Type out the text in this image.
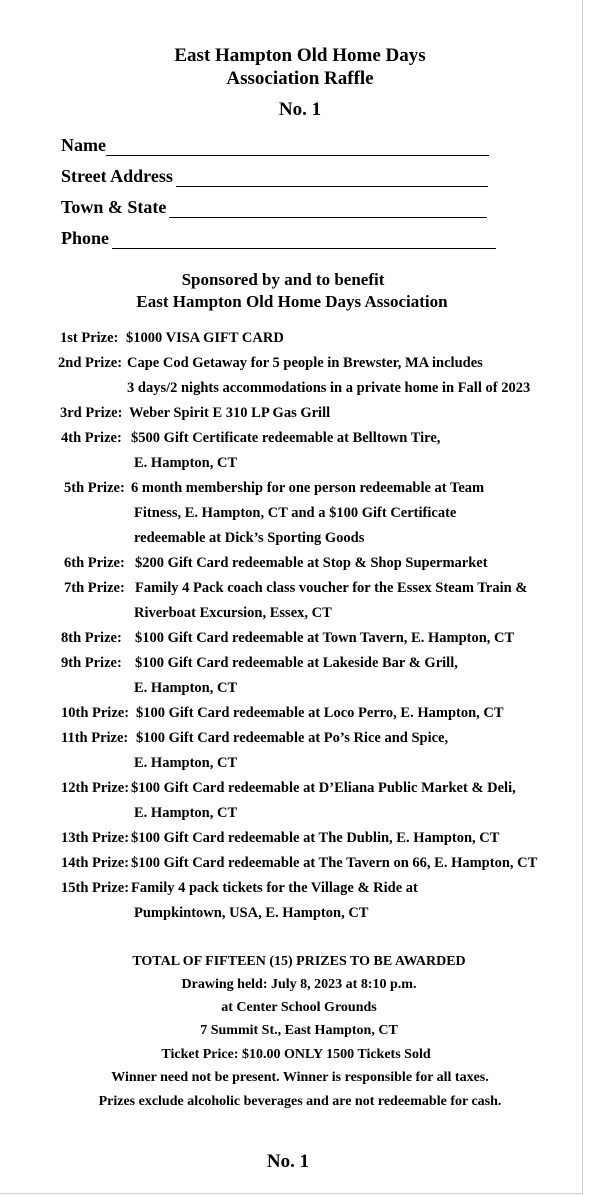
East Hampton Old Home Days
Association Raffle
No. 1
Name
Street Address
Town & State
Phone
Sponsored by and to benefit
East Hampton Old Home Days Association
1st Prize: $1000 VISA GIFT CARD
2nd Prize: Cape Cod Getaway for 5 people in Brewster, MA includes
3 days/2 nights accommodations in a private home in Fall of 2023
3rd Prize: Weber Spirit E 310 LP Gas Grill
4th Prize: $500 Gift Certificate redeemable at Belltown Tire,
E. Hampton, CT
5th Prize: 6 month membership for one person redeemable at Team
Fitness, E. Hampton, CT and a $100 Gift Certificate
redeemable at Dick’s Sporting Goods
6th Prize: $200 Gift Card redeemable at Stop & Shop Supermarket
7th Prize: Family 4 Pack coach class voucher for the Essex Steam Train &
Riverboat Excursion, Essex, CT
8th Prize: $100 Gift Card redeemable at Town Tavern, E. Hampton, CT
9th Prize: $100 Gift Card redeemable at Lakeside Bar & Grill,
E. Hampton, CT
10th Prize: $100 Gift Card redeemable at Loco Perro, E. Hampton, CT
11th Prize: $100 Gift Card redeemable at Po’s Rice and Spice,
E. Hampton, CT
12th Prize: $100 Gift Card redeemable at D’Eliana Public Market & Deli,
E. Hampton, CT
13th Prize: $100 Gift Card redeemable at The Dublin, E. Hampton, CT
14th Prize: $100 Gift Card redeemable at The Tavern on 66, E. Hampton, CT
15th Prize: Family 4 pack tickets for the Village & Ride at
Pumpkintown, USA, E. Hampton, CT
TOTAL OF FIFTEEN (15) PRIZES TO BE AWARDED
Drawing held: July 8, 2023 at 8:10 p.m.
at Center School Grounds
7 Summit St., East Hampton, CT
Ticket Price: $10.00 ONLY 1500 Tickets Sold
Winner need not be present. Winner is responsible for all taxes.
Prizes exclude alcoholic beverages and are not redeemable for cash.
No. 1
